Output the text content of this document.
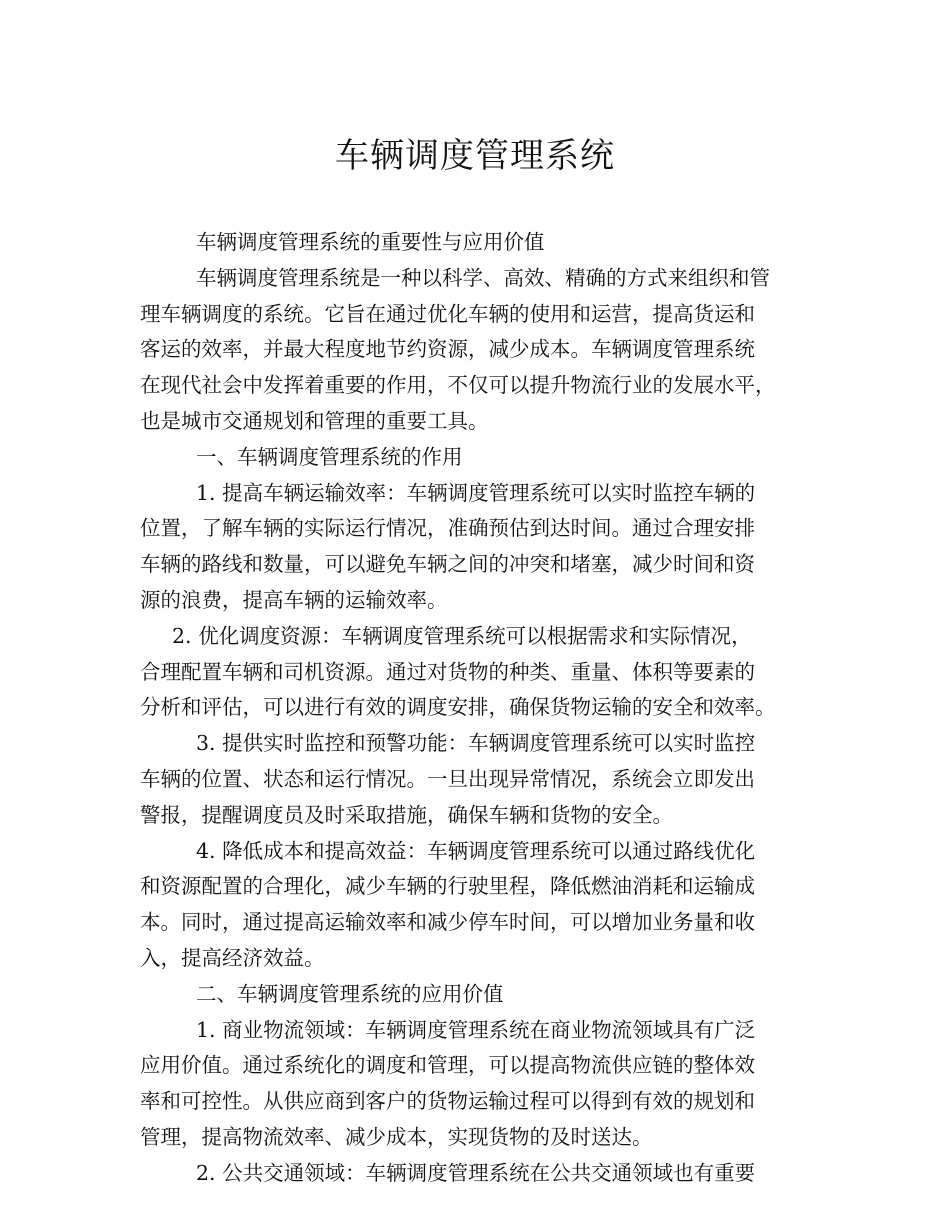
车辆调度管理系统
车辆调度管理系统的重要性与应用价值
车辆调度管理系统是一种以科学、高效、精确的方式来组织和管
理车辆调度的系统。它旨在通过优化车辆的使用和运营，提高货运和
客运的效率，并最大程度地节约资源，减少成本。车辆调度管理系统
在现代社会中发挥着重要的作用，不仅可以提升物流行业的发展水平，
也是城市交通规划和管理的重要工具。
一、车辆调度管理系统的作用
1. 提高车辆运输效率：车辆调度管理系统可以实时监控车辆的
位置，了解车辆的实际运行情况，准确预估到达时间。通过合理安排
车辆的路线和数量，可以避免车辆之间的冲突和堵塞，减少时间和资
源的浪费，提高车辆的运输效率。
2. 优化调度资源：车辆调度管理系统可以根据需求和实际情况，
合理配置车辆和司机资源。通过对货物的种类、重量、体积等要素的
分析和评估，可以进行有效的调度安排，确保货物运输的安全和效率。
3. 提供实时监控和预警功能：车辆调度管理系统可以实时监控
车辆的位置、状态和运行情况。一旦出现异常情况，系统会立即发出
警报，提醒调度员及时采取措施，确保车辆和货物的安全。
4. 降低成本和提高效益：车辆调度管理系统可以通过路线优化
和资源配置的合理化，减少车辆的行驶里程，降低燃油消耗和运输成
本。同时，通过提高运输效率和减少停车时间，可以增加业务量和收
入，提高经济效益。
二、车辆调度管理系统的应用价值
1. 商业物流领域：车辆调度管理系统在商业物流领域具有广泛
应用价值。通过系统化的调度和管理，可以提高物流供应链的整体效
率和可控性。从供应商到客户的货物运输过程可以得到有效的规划和
管理，提高物流效率、减少成本，实现货物的及时送达。
2. 公共交通领域：车辆调度管理系统在公共交通领域也有重要
